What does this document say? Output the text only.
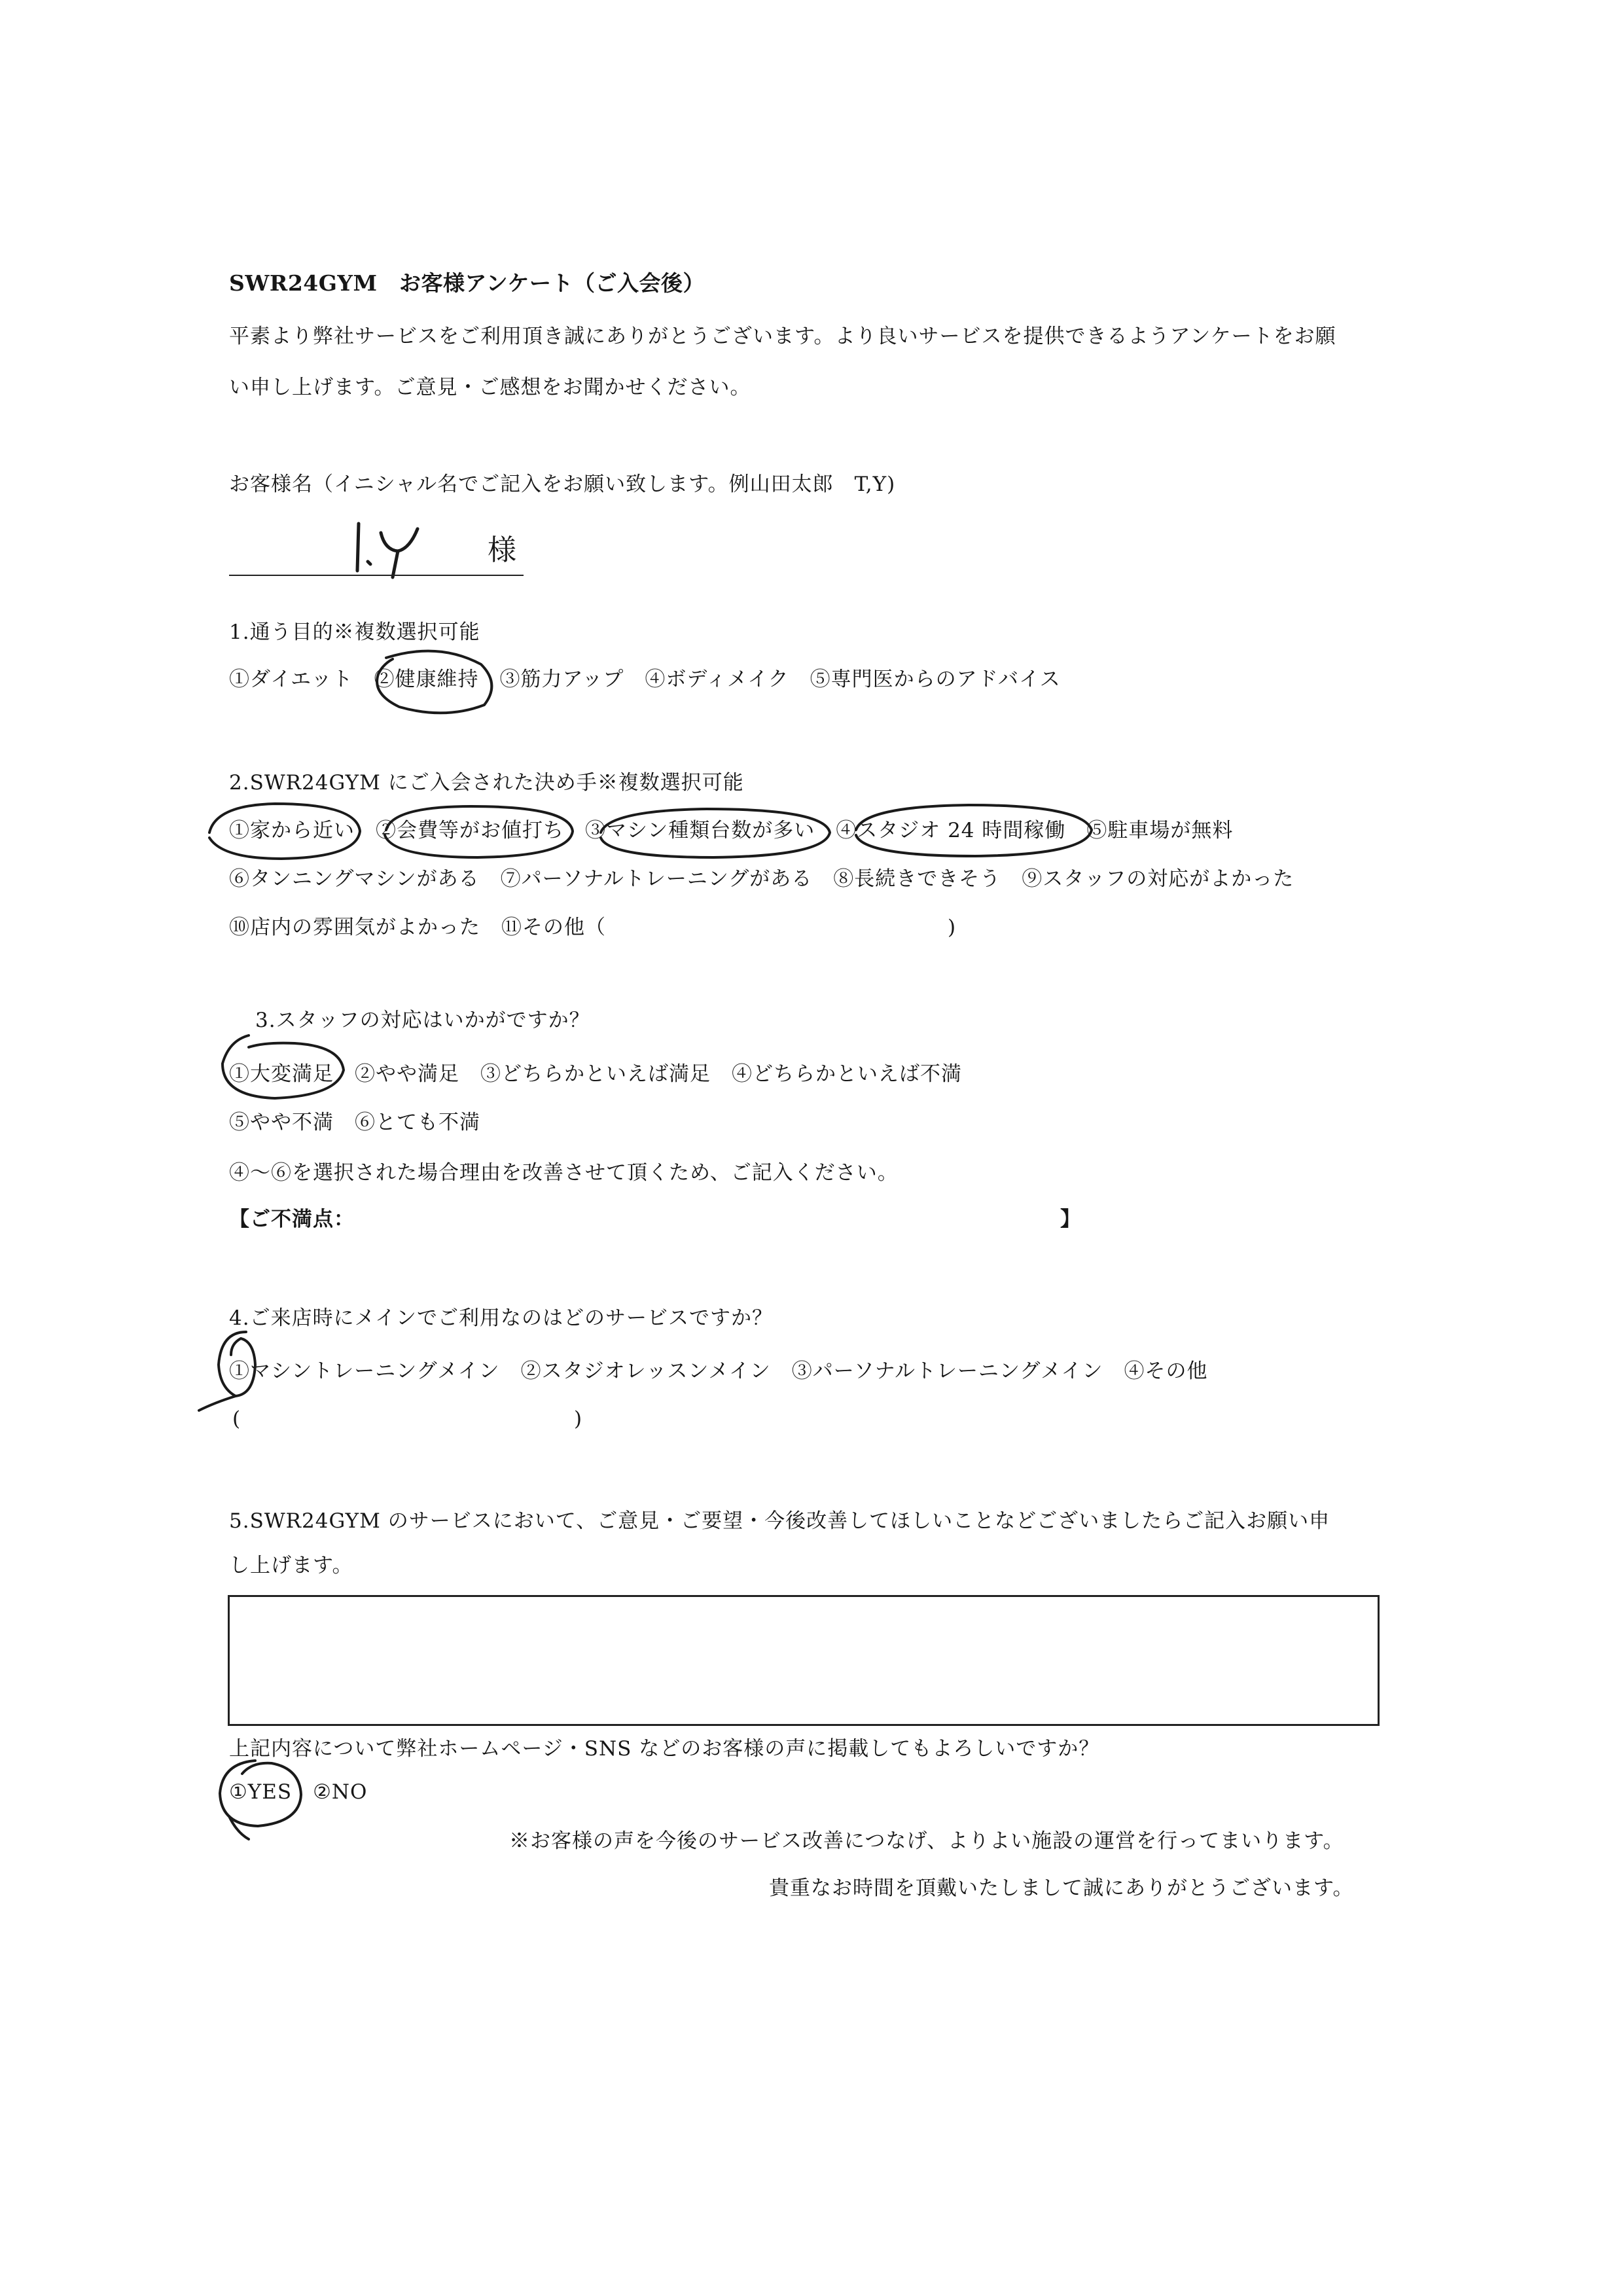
SWR24GYM　お客様アンケート（ご入会後）
平素より弊社サービスをご利用頂き誠にありがとうございます。より良いサービスを提供できるようアンケートをお願
い申し上げます。ご意見・ご感想をお聞かせください。
お客様名（イニシャル名でご記入をお願い致します。例山田太郎　T,Y)
様
1.通う目的※複数選択可能
①ダイエット　②健康維持　③筋力アップ　④ボディメイク　⑤専門医からのアドバイス
2.SWR24GYM にご入会された決め手※複数選択可能
①家から近い　②会費等がお値打ち　③マシン種類台数が多い　④スタジオ 24 時間稼働　⑤駐車場が無料
⑥タンニングマシンがある　⑦パーソナルトレーニングがある　⑧長続きできそう　⑨スタッフの対応がよかった
⑩店内の雰囲気がよかった　⑪その他（	)
3.スタッフの対応はいかがですか？
①大変満足　②やや満足　③どちらかといえば満足　④どちらかといえば不満
⑤やや不満　⑥とても不満
④～⑥を選択された場合理由を改善させて頂くため、ご記入ください。
【ご不満点：	】
4.ご来店時にメインでご利用なのはどのサービスですか？
①マシントレーニングメイン　②スタジオレッスンメイン　③パーソナルトレーニングメイン　④その他
(	)
5.SWR24GYM のサービスにおいて、ご意見・ご要望・今後改善してほしいことなどございましたらご記入お願い申
し上げます。
上記内容について弊社ホームページ・SNS などのお客様の声に掲載してもよろしいですか？
①YES　②NO
※お客様の声を今後のサービス改善につなげ、よりよい施設の運営を行ってまいります。
貴重なお時間を頂戴いたしまして誠にありがとうございます。
